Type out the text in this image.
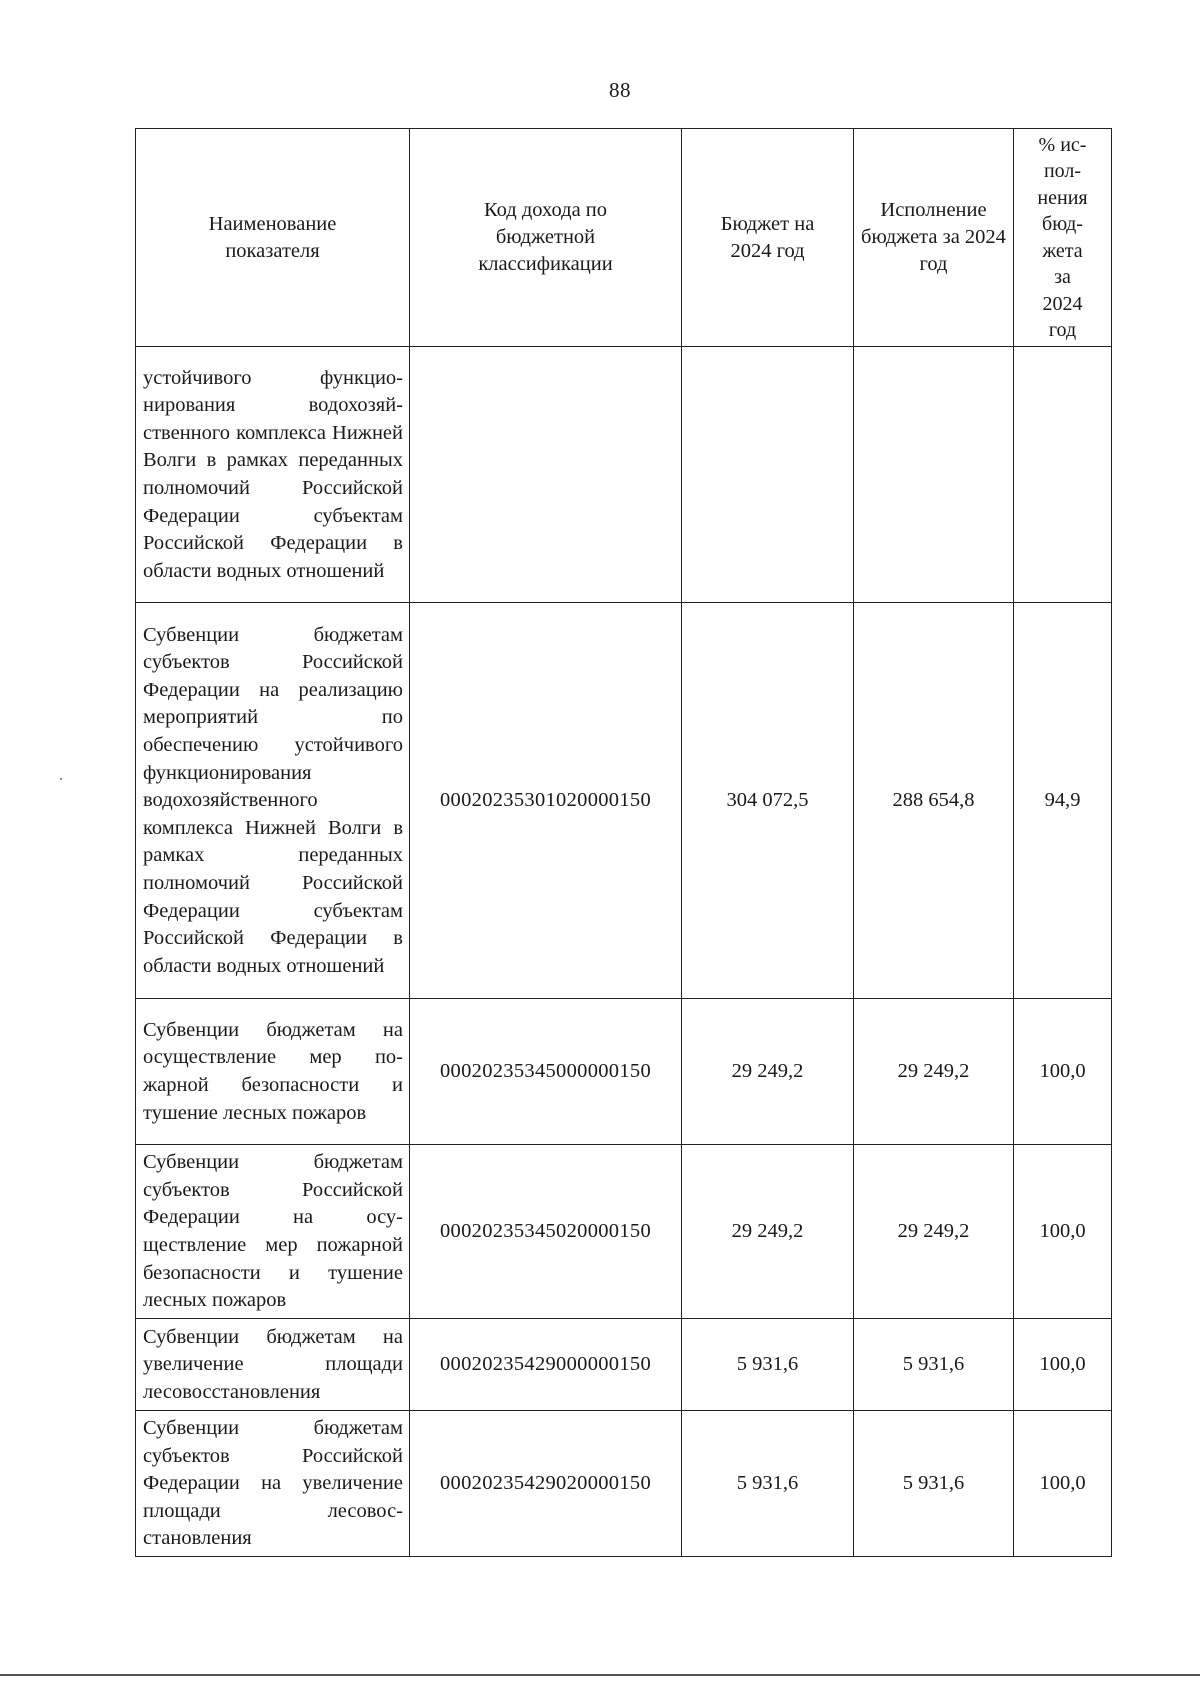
88
Наименование показателя	Код дохода по бюджетной классификации	Бюджет на 2024 год	Исполнение бюджета за 2024 год	% ис- пол- нения бюд- жета за 2024 год
устойчивого функционирования водохозяйственного комплекса Нижней Волги в рамках переданных полномочий Российской Федерации субъектам Российской Федерации в области водных отношений				
Субвенции бюджетам субъектов Российской Федерации на реализацию мероприятий по обеспечению устойчивого функционирования водохозяйственного комплекса Нижней Волги в рамках переданных полномочий Российской Федерации субъектам Российской Федерации в области водных отношений	00020235301020000150	304 072,5	288 654,8	94,9
Субвенции бюджетам на осуществление мер пожарной безопасности и тушение лесных пожаров	00020235345000000150	29 249,2	29 249,2	100,0
Субвенции бюджетам субъектов Российской Федерации на осуществление мер пожарной безопасности и тушение лесных пожаров	00020235345020000150	29 249,2	29 249,2	100,0
Субвенции бюджетам на увеличение площади лесовосстановления	00020235429000000150	5 931,6	5 931,6	100,0
Субвенции бюджетам субъектов Российской Федерации на увеличение площади лесовосстановления	00020235429020000150	5 931,6	5 931,6	100,0
